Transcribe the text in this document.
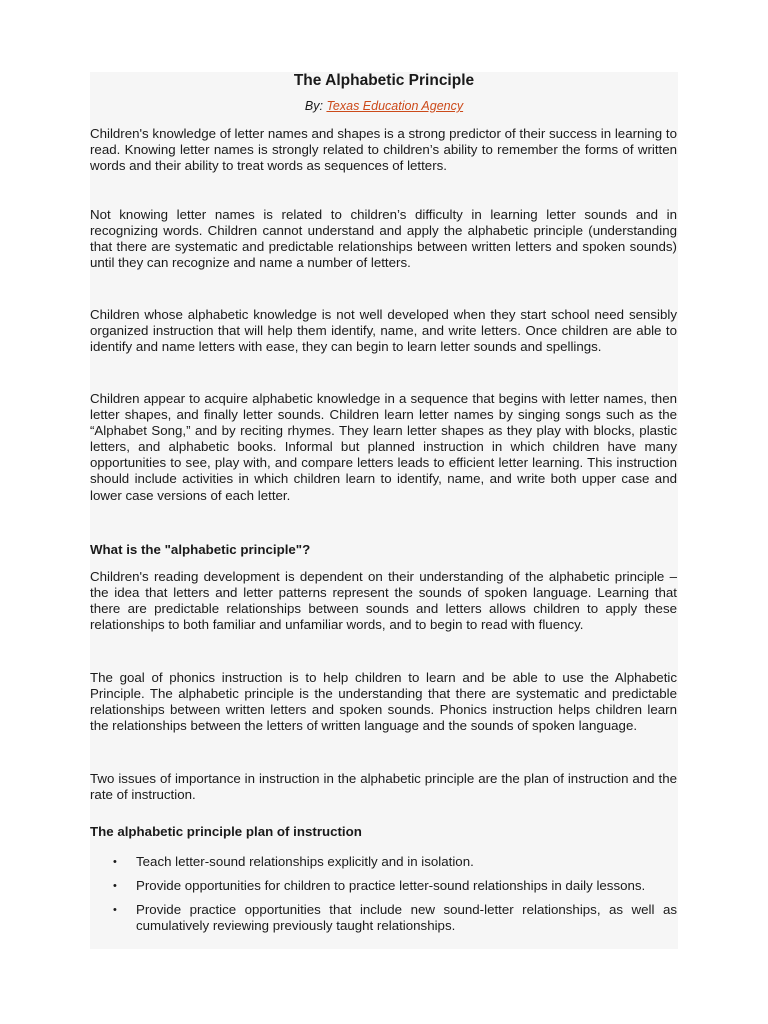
The Alphabetic Principle

By: Texas Education Agency

Children's knowledge of letter names and shapes is a strong predictor of their success in learning to read. Knowing letter names is strongly related to children’s ability to remember the forms of written words and their ability to treat words as sequences of letters.

Not knowing letter names is related to children’s difficulty in learning letter sounds and in recognizing words. Children cannot understand and apply the alphabetic principle (understanding that there are systematic and predictable relationships between written letters and spoken sounds) until they can recognize and name a number of letters.

Children whose alphabetic knowledge is not well developed when they start school need sensibly organized instruction that will help them identify, name, and write letters. Once children are able to identify and name letters with ease, they can begin to learn letter sounds and spellings.

Children appear to acquire alphabetic knowledge in a sequence that begins with letter names, then letter shapes, and finally letter sounds. Children learn letter names by singing songs such as the “Alphabet Song,” and by reciting rhymes. They learn letter shapes as they play with blocks, plastic letters, and alphabetic books. Informal but planned instruction in which children have many opportunities to see, play with, and compare letters leads to efficient letter learning. This instruction should include activities in which children learn to identify, name, and write both upper case and lower case versions of each letter.

What is the "alphabetic principle"?

Children's reading development is dependent on their understanding of the alphabetic principle – the idea that letters and letter patterns represent the sounds of spoken language. Learning that there are predictable relationships between sounds and letters allows children to apply these relationships to both familiar and unfamiliar words, and to begin to read with fluency.

The goal of phonics instruction is to help children to learn and be able to use the Alphabetic Principle. The alphabetic principle is the understanding that there are systematic and predictable relationships between written letters and spoken sounds. Phonics instruction helps children learn the relationships between the letters of written language and the sounds of spoken language.

Two issues of importance in instruction in the alphabetic principle are the plan of instruction and the rate of instruction.

The alphabetic principle plan of instruction
• Teach letter-sound relationships explicitly and in isolation.
• Provide opportunities for children to practice letter-sound relationships in daily lessons.
• Provide practice opportunities that include new sound-letter relationships, as well as cumulatively reviewing previously taught relationships.
